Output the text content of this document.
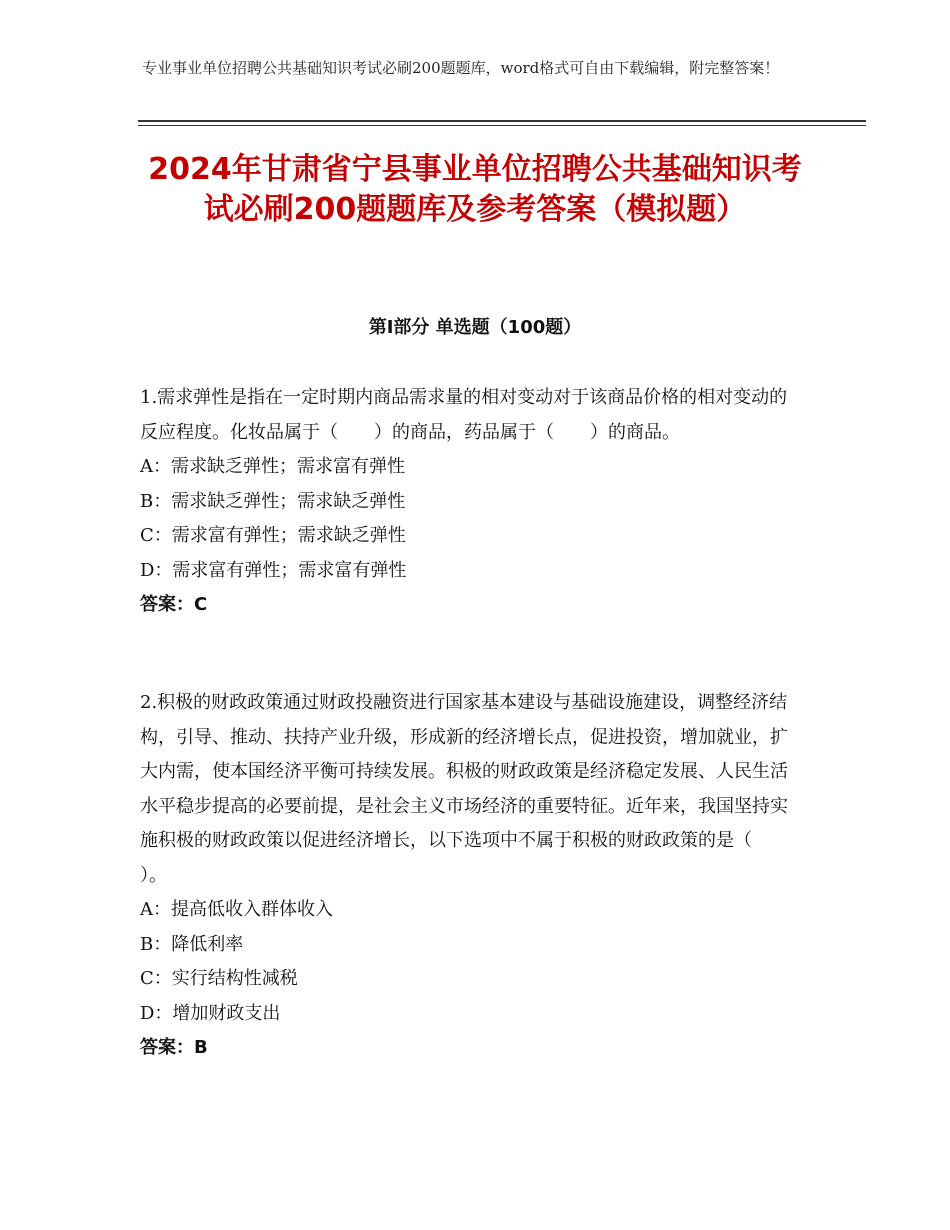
专业事业单位招聘公共基础知识考试必刷200题题库，word格式可自由下载编辑，附完整答案！
2024年甘肃省宁县事业单位招聘公共基础知识考试必刷200题题库及参考答案（模拟题）
第Ⅰ部分 单选题（100题）

1.需求弹性是指在一定时期内商品需求量的相对变动对于该商品价格的相对变动的反应程度。化妆品属于（　　）的商品，药品属于（　　）的商品。

A：需求缺乏弹性；需求富有弹性

B：需求缺乏弹性；需求缺乏弹性

C：需求富有弹性；需求缺乏弹性

D：需求富有弹性；需求富有弹性

答案：C

2.积极的财政政策通过财政投融资进行国家基本建设与基础设施建设，调整经济结构，引导、推动、扶持产业升级，形成新的经济增长点，促进投资，增加就业，扩大内需，使本国经济平衡可持续发展。积极的财政政策是经济稳定发展、人民生活水平稳步提高的必要前提，是社会主义市场经济的重要特征。近年来，我国坚持实施积极的财政政策以促进经济增长，以下选项中不属于积极的财政政策的是（　　）。

A：提高低收入群体收入

B：降低利率

C：实行结构性减税

D：增加财政支出

答案：B
